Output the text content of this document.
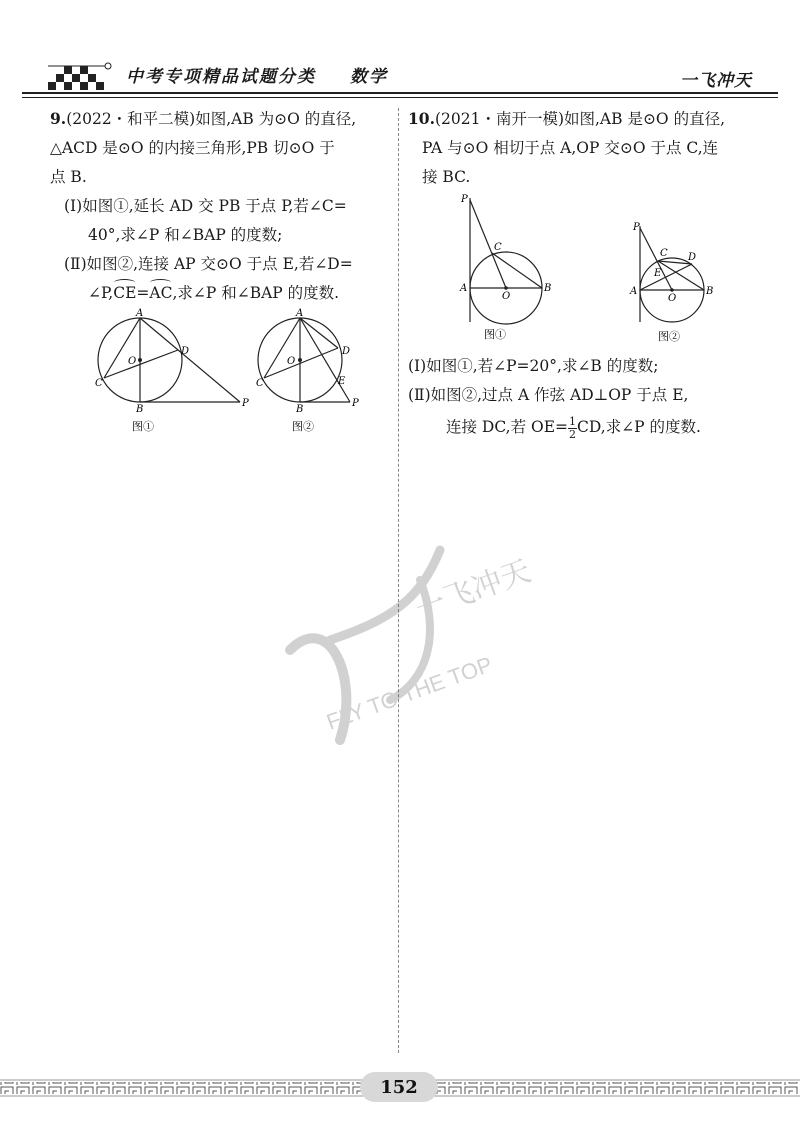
中考专项精品试题分类 数学	一飞冲天

9.(2022・和平二模)如图,AB 为⊙O 的直径,

△ACD 是⊙O 的内接三角形,PB 切⊙O 于

点 B.

(Ⅰ)如图①,延长 AD 交 PB 于点 P,若∠C=

40°,求∠P 和∠BAP 的度数;

(Ⅱ)如图②,连接 AP 交⊙O 于点 E,若∠D=

∠P,CE=AC,求∠P 和∠BAP 的度数.

A
O
D
C
B
P
图①
A
O
D
E
C
B
P
图②

10.(2021・南开一模)如图,AB 是⊙O 的直径,

PA 与⊙O 相切于点 A,OP 交⊙O 于点 C,连

接 BC.

P
C
A
O
B
图①
P
C D
E
A
O
B
图②

(Ⅰ)如图①,若∠P=20°,求∠B 的度数;

(Ⅱ)如图②,过点 A 作弦 AD⊥OP 于点 E,

连接 DC,若 $OE= \frac{1}{2}$ CD,求∠P 的度数.

一飞冲天
FLY TO THE TOP
152
